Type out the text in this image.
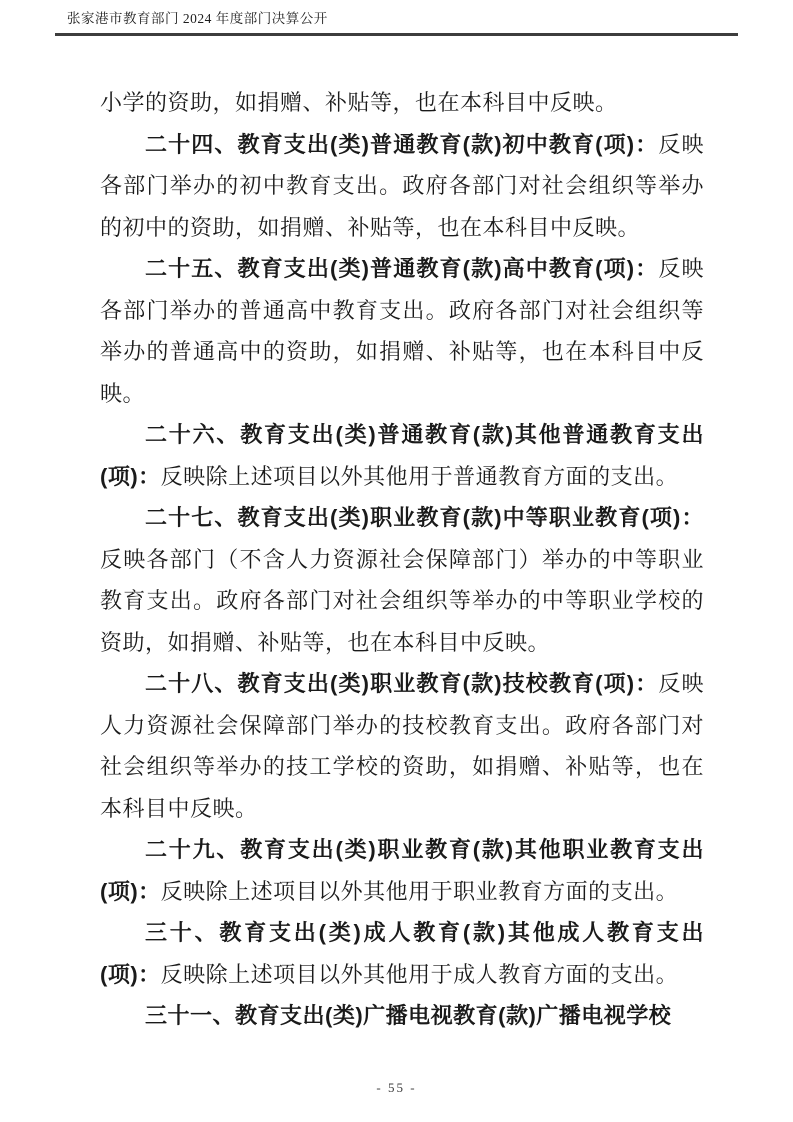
张家港市教育部门 2024 年度部门决算公开

小学的资助，如捐赠、补贴等，也在本科目中反映。

二十四、教育支出(类)普通教育(款)初中教育(项)：反映各部门举办的初中教育支出。政府各部门对社会组织等举办的初中的资助，如捐赠、补贴等，也在本科目中反映。

二十五、教育支出(类)普通教育(款)高中教育(项)：反映各部门举办的普通高中教育支出。政府各部门对社会组织等举办的普通高中的资助，如捐赠、补贴等，也在本科目中反映。

二十六、教育支出(类)普通教育(款)其他普通教育支出(项)：反映除上述项目以外其他用于普通教育方面的支出。

二十七、教育支出(类)职业教育(款)中等职业教育(项)：反映各部门（不含人力资源社会保障部门）举办的中等职业教育支出。政府各部门对社会组织等举办的中等职业学校的资助，如捐赠、补贴等，也在本科目中反映。

二十八、教育支出(类)职业教育(款)技校教育(项)：反映人力资源社会保障部门举办的技校教育支出。政府各部门对社会组织等举办的技工学校的资助，如捐赠、补贴等，也在本科目中反映。

二十九、教育支出(类)职业教育(款)其他职业教育支出(项)：反映除上述项目以外其他用于职业教育方面的支出。

三十、教育支出(类)成人教育(款)其他成人教育支出(项)：反映除上述项目以外其他用于成人教育方面的支出。

三十一、教育支出(类)广播电视教育(款)广播电视学校

- 55 -
